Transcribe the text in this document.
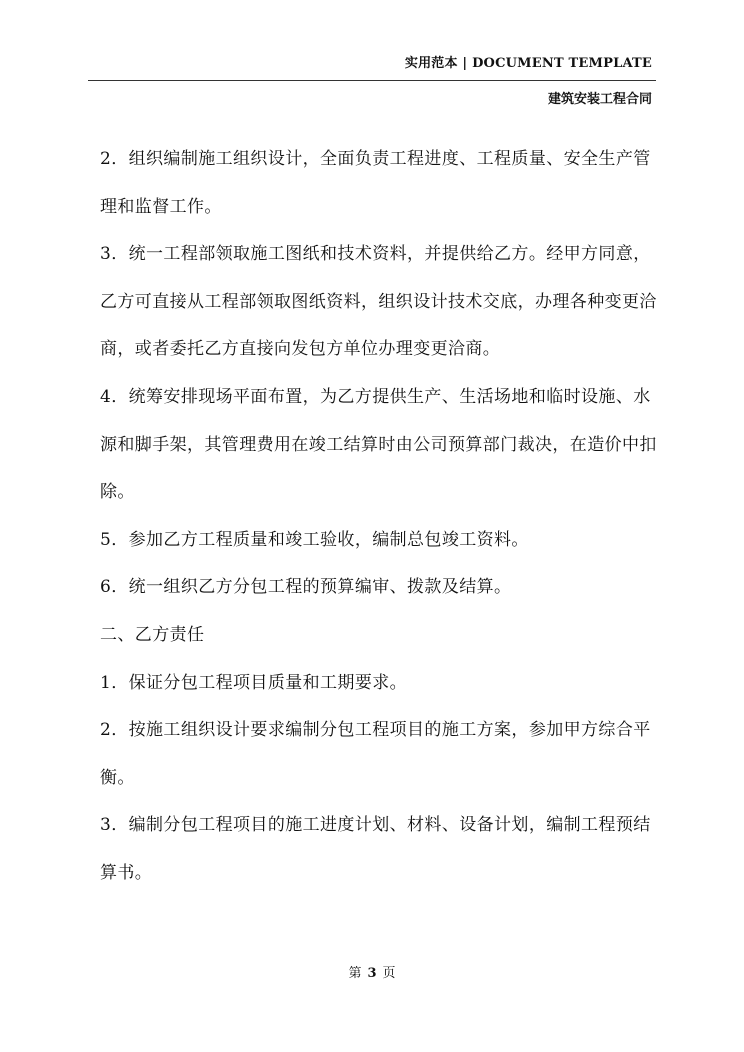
实用范本 | DOCUMENT TEMPLATE
建筑安装工程合同

2．组织编制施工组织设计，全面负责工程进度、工程质量、安全生产管理和监督工作。

3．统一工程部领取施工图纸和技术资料，并提供给乙方。经甲方同意，乙方可直接从工程部领取图纸资料，组织设计技术交底，办理各种变更洽商，或者委托乙方直接向发包方单位办理变更洽商。

4．统筹安排现场平面布置，为乙方提供生产、生活场地和临时设施、水源和脚手架，其管理费用在竣工结算时由公司预算部门裁决，在造价中扣除。

5．参加乙方工程质量和竣工验收，编制总包竣工资料。

6．统一组织乙方分包工程的预算编审、拨款及结算。

二、乙方责任

1．保证分包工程项目质量和工期要求。

2．按施工组织设计要求编制分包工程项目的施工方案，参加甲方综合平衡。

3．编制分包工程项目的施工进度计划、材料、设备计划，编制工程预结算书。

第 3 页
